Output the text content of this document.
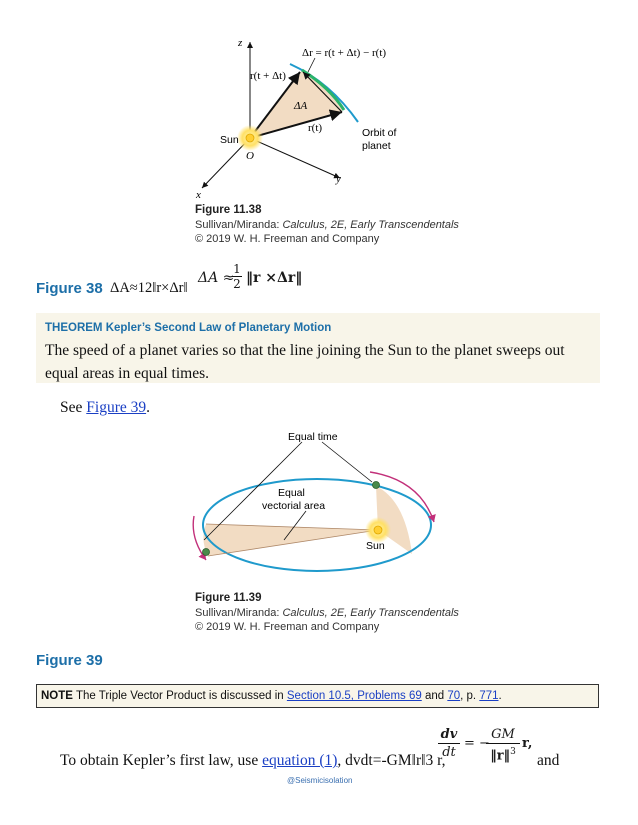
z
x
y
Δr = r(t + Δt) − r(t)
r(t + Δt)
ΔA
r(t)
Sun
O
Orbit of
planet
Figure 11.38
Sullivan/Miranda: Calculus, 2E, Early Transcendentals
© 2019 W. H. Freeman and Company
Figure 38 ΔA≈12‖r×Δr‖
ΔA ≈
$\frac{1}{2}$ ‖r ×Δr‖
THEOREM Kepler’s Second Law of Planetary Motion
The speed of a planet varies so that the line joining the Sun to the planet sweeps out equal areas in equal times.
See Figure 39.
Equal time
Equal
vectorial area
Sun
Figure 11.39
Sullivan/Miranda: Calculus, 2E, Early Transcendentals
© 2019 W. H. Freeman and Company
Figure 39
NOTE The Triple Vector Product is discussed in Section 10.5, Problems 69 and 70, p. 771.
To obtain Kepler’s first law, use equation (1), dvdt=-GM‖r‖3 r,
$\frac{dv}{dt}$ = −
$\frac{GM}{‖r‖^3} r$,
and
@Seismicisolation
